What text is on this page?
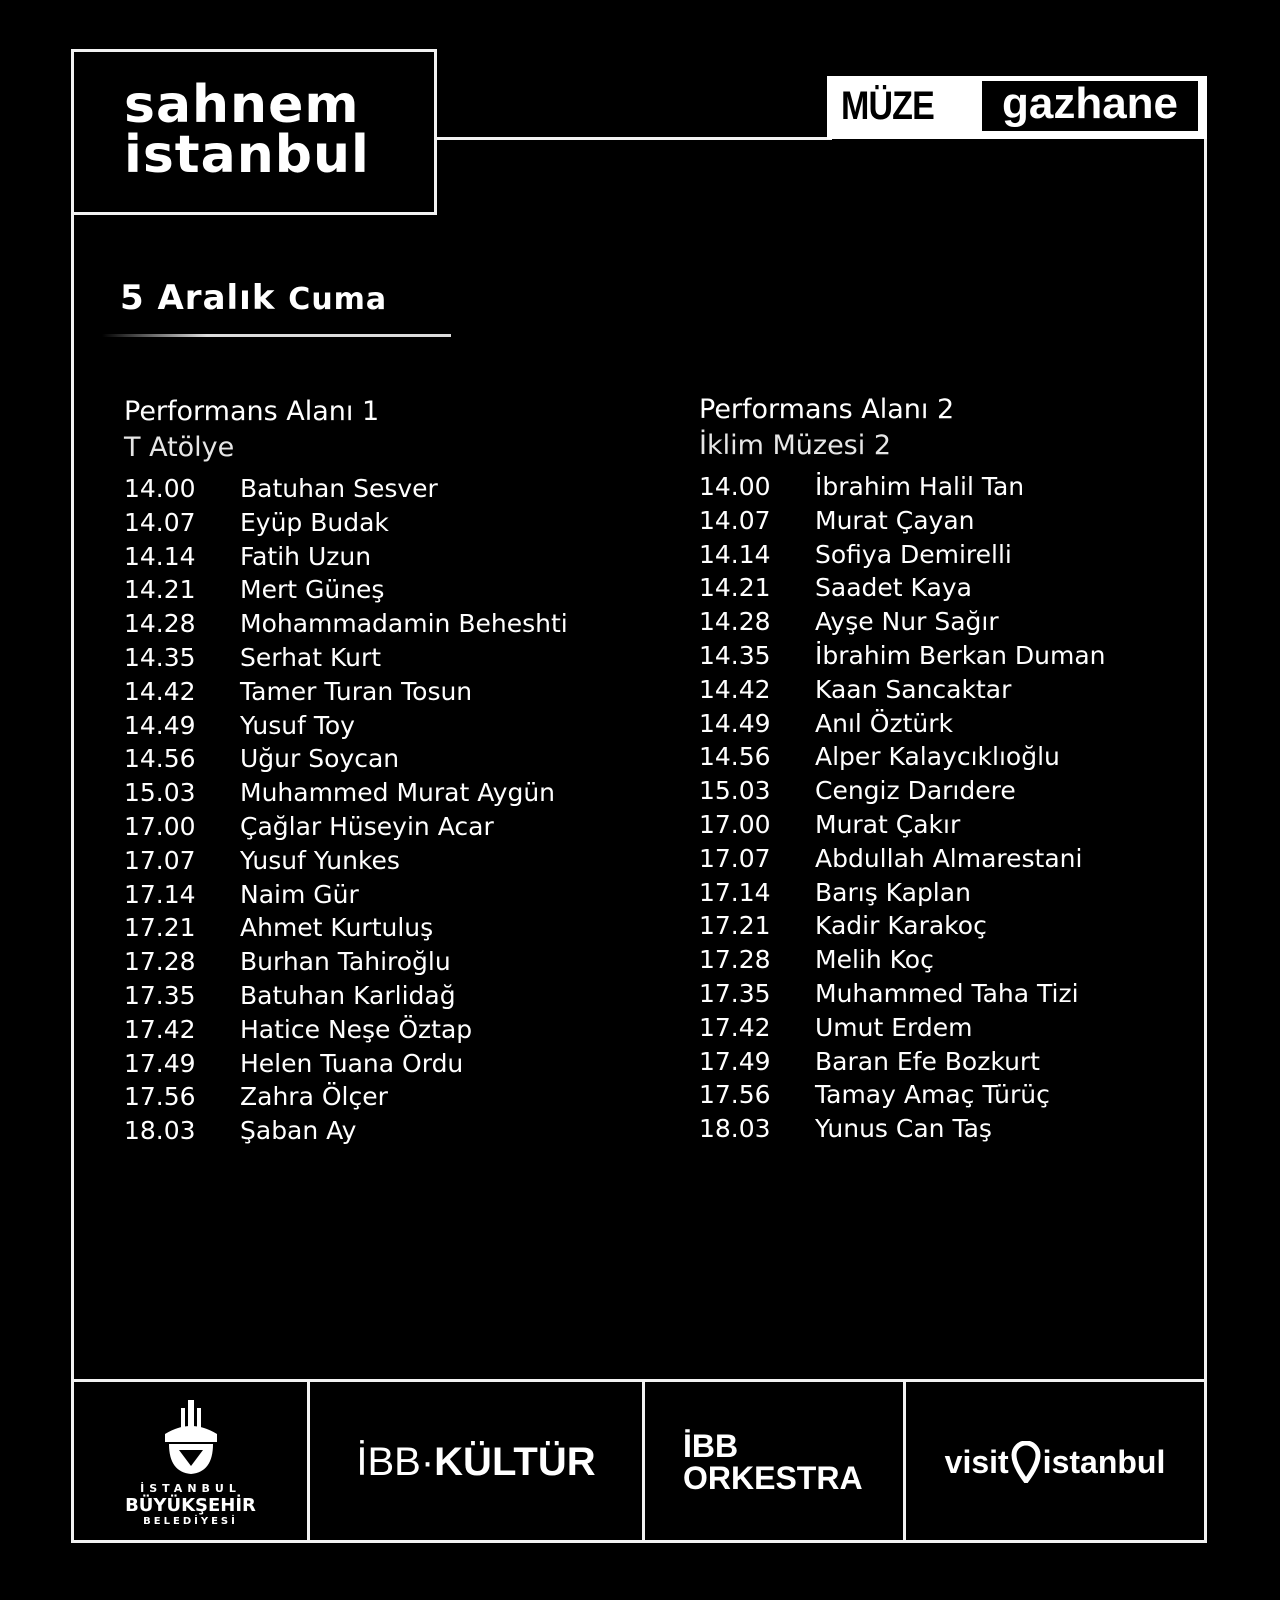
sahnem
istanbul
MÜZE	gazhane
5 Aralık Cuma
Performans Alanı 1
T Atölye
14.00 Batuhan Sesver
14.07 Eyüp Budak
14.14 Fatih Uzun
14.21 Mert Güneş
14.28 Mohammadamin Beheshti
14.35 Serhat Kurt
14.42 Tamer Turan Tosun
14.49 Yusuf Toy
14.56 Uğur Soycan
15.03 Muhammed Murat Aygün
17.00 Çağlar Hüseyin Acar
17.07 Yusuf Yunkes
17.14 Naim Gür
17.21 Ahmet Kurtuluş
17.28 Burhan Tahiroğlu
17.35 Batuhan Karlidağ
17.42 Hatice Neşe Öztap
17.49 Helen Tuana Ordu
17.56 Zahra Ölçer
18.03 Şaban Ay
Performans Alanı 2
İklim Müzesi 2
14.00 İbrahim Halil Tan
14.07 Murat Çayan
14.14 Sofiya Demirelli
14.21 Saadet Kaya
14.28 Ayşe Nur Sağır
14.35 İbrahim Berkan Duman
14.42 Kaan Sancaktar
14.49 Anıl Öztürk
14.56 Alper Kalaycıklıoğlu
15.03 Cengiz Darıdere
17.00 Murat Çakır
17.07 Abdullah Almarestani
17.14 Barış Kaplan
17.21 Kadir Karakoç
17.28 Melih Koç
17.35 Muhammed Taha Tizi
17.42 Umut Erdem
17.49 Baran Efe Bozkurt
17.56 Tamay Amaç Türüç
18.03 Yunus Can Taş
İSTANBUL
BÜYÜKŞEHİR
BELEDİYESİ
İBB· KÜLTÜR	İBB
ORKESTRA	visit istanbul
